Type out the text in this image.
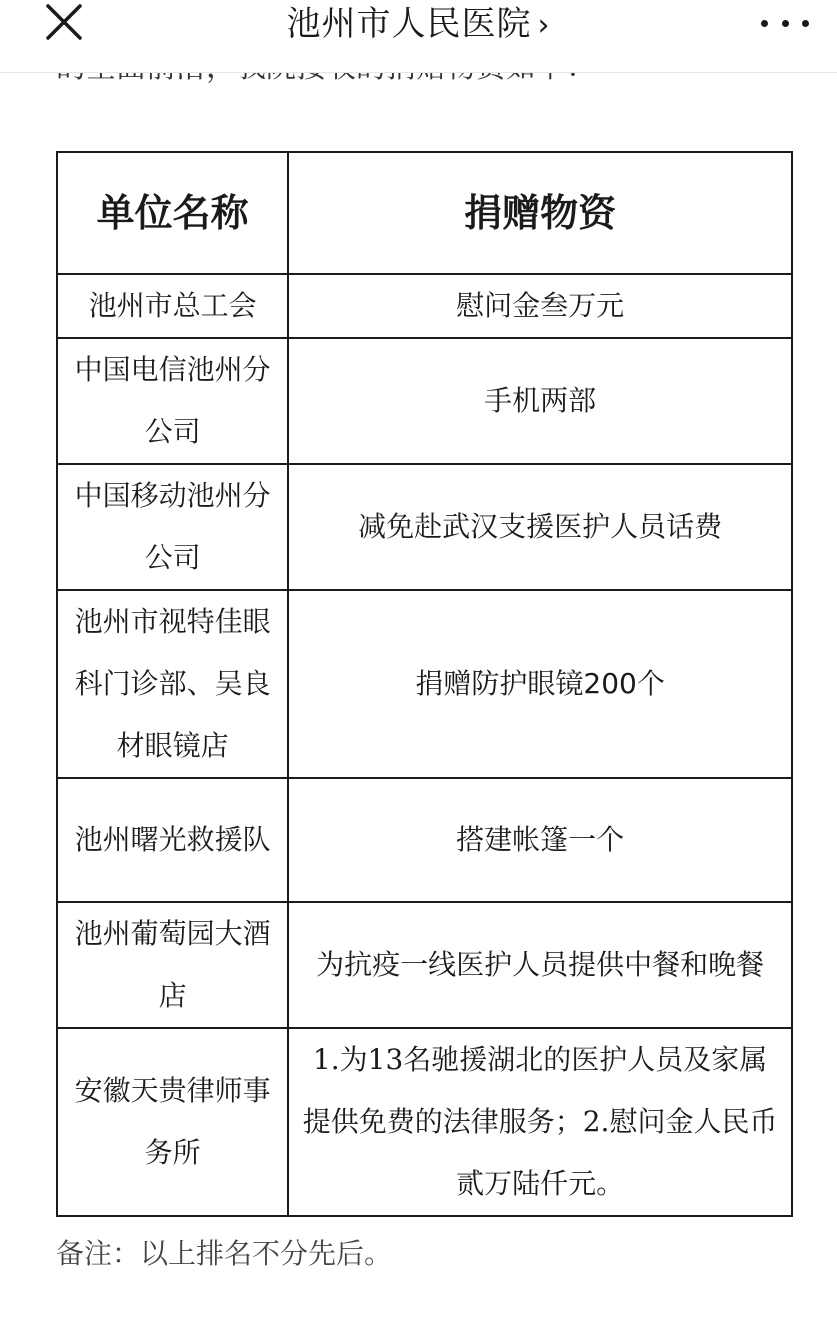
池州市人民医院 ›
单位名称	捐赠物资
池州市总工会	慰问金叁万元
中国电信池州分公司	手机两部
中国移动池州分公司	减免赴武汉支援医护人员话费
池州市视特佳眼科门诊部、吴良材眼镜店	捐赠防护眼镜200个
池州曙光救援队	搭建帐篷一个
池州葡萄园大酒店	为抗疫一线医护人员提供中餐和晚餐
安徽天贵律师事务所	1.为13名驰援湖北的医护人员及家属提供免费的法律服务；2.慰问金人民币贰万陆仟元。
备注：以上排名不分先后。
